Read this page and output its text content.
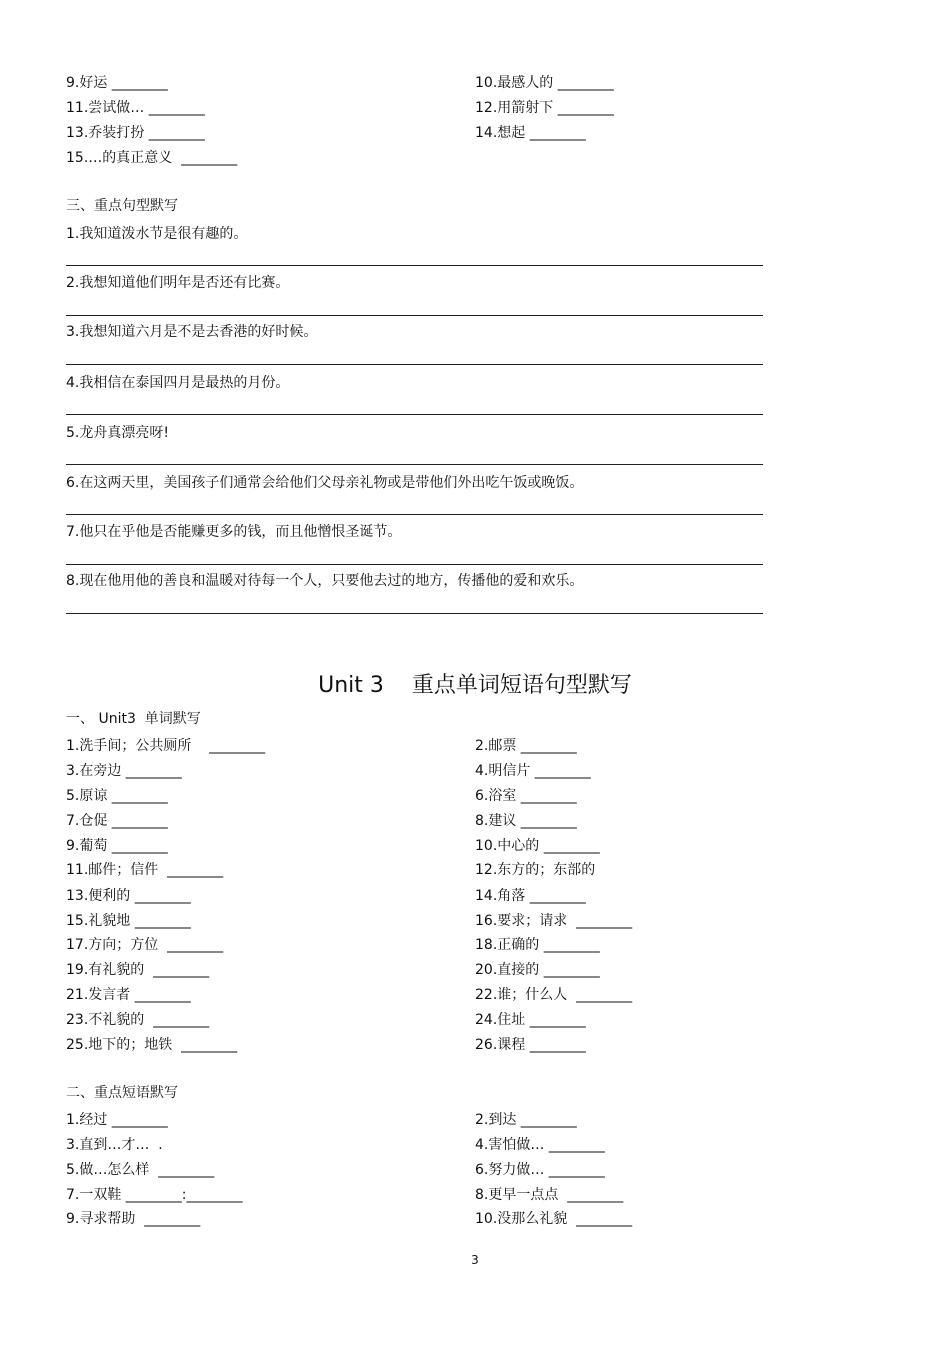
9.好运 ________	10.最感人的 ________
11.尝试做… ________	12.用箭射下 ________
13.乔装打扮 ________	14.想起 ________
15.…的真正意义  ________
三、重点句型默写
1.我知道泼水节是很有趣的。
2.我想知道他们明年是否还有比赛。
3.我想知道六月是不是去香港的好时候。
4.我相信在泰国四月是最热的月份。
5.龙舟真漂亮呀!
6.在这两天里，美国孩子们通常会给他们父母亲礼物或是带他们外出吃午饭或晚饭。
7.他只在乎他是否能赚更多的钱，而且他憎恨圣诞节。
8.现在他用他的善良和温暖对待每一个人，只要他去过的地方，传播他的爱和欢乐。
Unit 3    重点单词短语句型默写
一、 Unit3  单词默写
1.洗手间；公共厕所    ________	2.邮票 ________
3.在旁边 ________	4.明信片 ________
5.原谅 ________	6.浴室 ________
7.仓促 ________	8.建议 ________
9.葡萄 ________	10.中心的 ________
11.邮件；信件  ________	12.东方的；东部的
13.便利的 ________	14.角落 ________
15.礼貌地 ________	16.要求；请求  ________
17.方向；方位  ________	18.正确的 ________
19.有礼貌的  ________	20.直接的 ________
21.发言者 ________	22.谁；什么人  ________
23.不礼貌的  ________	24.住址 ________
25.地下的；地铁  ________	26.课程 ________
二、重点短语默写
1.经过 ________	2.到达 ________
3.直到…才…  .	4.害怕做… ________
5.做…怎么样  ________	6.努力做… ________
7.一双鞋 ________:________	8.更早一点点  ________
9.寻求帮助  ________	10.没那么礼貌  ________
3
